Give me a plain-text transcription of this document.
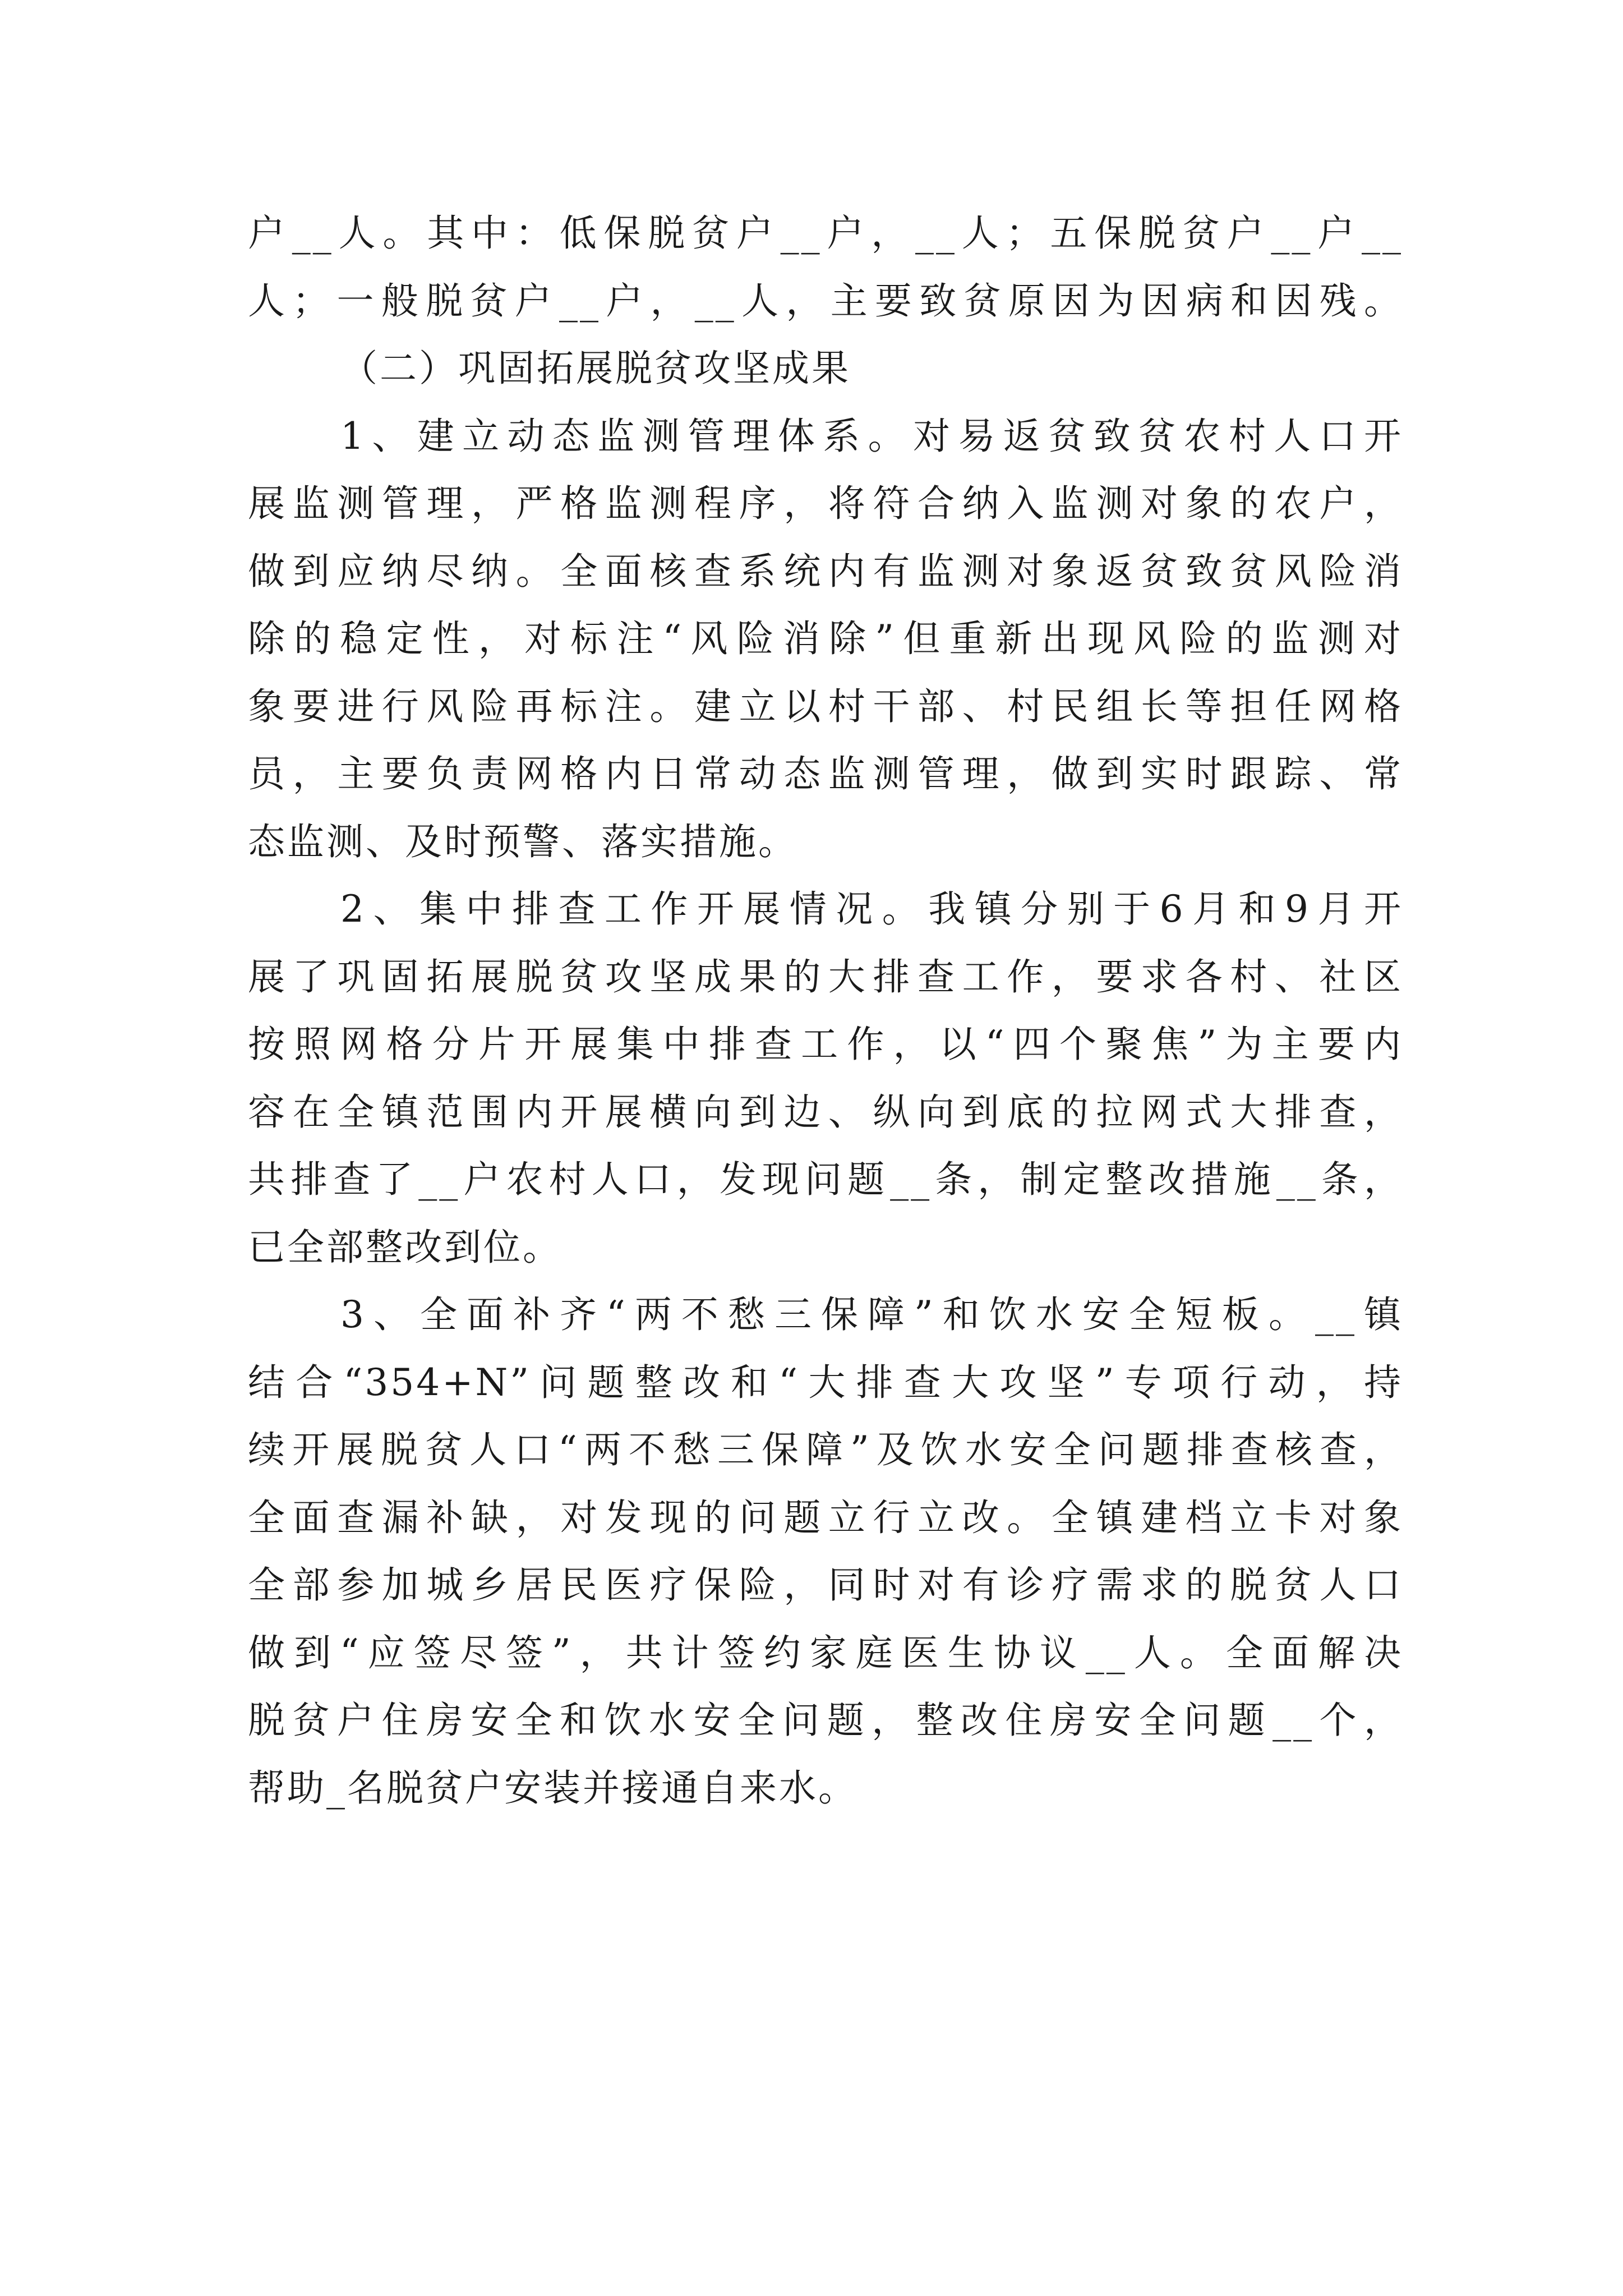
户__人。其中：低保脱贫户__户，__人；五保脱贫户__户__
人；一般脱贫户__户，__人，主要致贫原因为因病和因残。
（二）巩固拓展脱贫攻坚成果
1、建立动态监测管理体系。对易返贫致贫农村人口开
展监测管理，严格监测程序，将符合纳入监测对象的农户，
做到应纳尽纳。全面核查系统内有监测对象返贫致贫风险消
除的稳定性，对标注“风险消除”但重新出现风险的监测对
象要进行风险再标注。建立以村干部、村民组长等担任网格
员，主要负责网格内日常动态监测管理，做到实时跟踪、常
态监测、及时预警、落实措施。
2、集中排查工作开展情况。我镇分别于6月和9月开
展了巩固拓展脱贫攻坚成果的大排查工作，要求各村、社区
按照网格分片开展集中排查工作，以“四个聚焦”为主要内
容在全镇范围内开展横向到边、纵向到底的拉网式大排查，
共排查了__户农村人口，发现问题__条，制定整改措施__条，
已全部整改到位。
3、全面补齐“两不愁三保障”和饮水安全短板。__镇
结合“354+N”问题整改和“大排查大攻坚”专项行动，持
续开展脱贫人口“两不愁三保障”及饮水安全问题排查核查，
全面查漏补缺，对发现的问题立行立改。全镇建档立卡对象
全部参加城乡居民医疗保险，同时对有诊疗需求的脱贫人口
做到“应签尽签”，共计签约家庭医生协议__人。全面解决
脱贫户住房安全和饮水安全问题，整改住房安全问题__个，
帮助_名脱贫户安装并接通自来水。
